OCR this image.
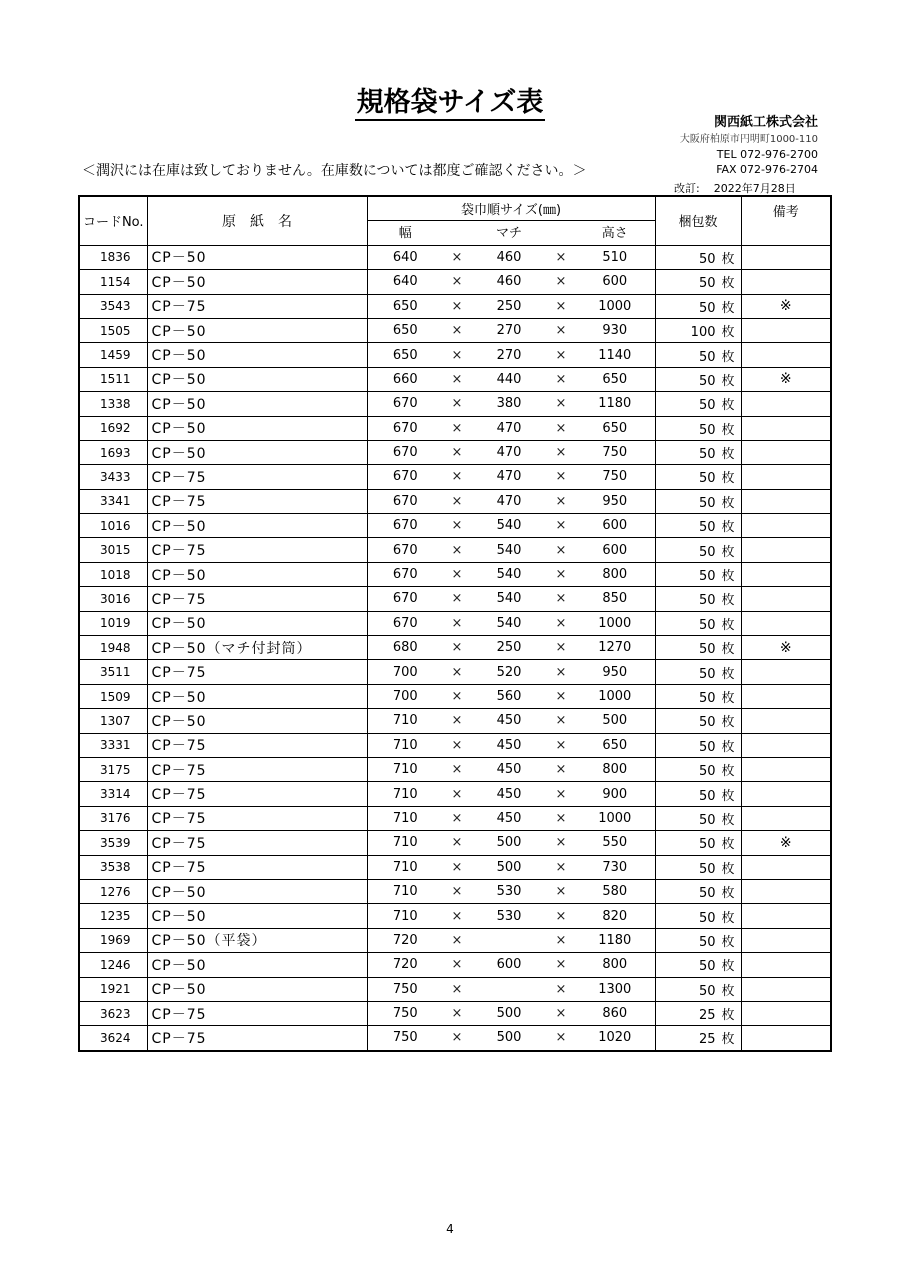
規格袋サイズ表
関西紙工株式会社
大阪府柏原市円明町1000-110
TEL 072-976-2700
FAX 072-976-2704
＜潤沢には在庫は致しておりません。在庫数については都度ご確認ください。＞
改訂: 2022年7月28日
コードNo.	原　紙　名	袋巾順サイズ(㎜)					梱包数	備考
		幅		マチ		高さ		
1836	CP－50	640	×	460	×	510	50 枚	
1154	CP－50	640	×	460	×	600	50 枚	
3543	CP－75	650	×	250	×	1000	50 枚	※
1505	CP－50	650	×	270	×	930	100 枚	
1459	CP－50	650	×	270	×	1140	50 枚	
1511	CP－50	660	×	440	×	650	50 枚	※
1338	CP－50	670	×	380	×	1180	50 枚	
1692	CP－50	670	×	470	×	650	50 枚	
1693	CP－50	670	×	470	×	750	50 枚	
3433	CP－75	670	×	470	×	750	50 枚	
3341	CP－75	670	×	470	×	950	50 枚	
1016	CP－50	670	×	540	×	600	50 枚	
3015	CP－75	670	×	540	×	600	50 枚	
1018	CP－50	670	×	540	×	800	50 枚	
3016	CP－75	670	×	540	×	850	50 枚	
1019	CP－50	670	×	540	×	1000	50 枚	
1948	CP－50（マチ付封筒）	680	×	250	×	1270	50 枚	※
3511	CP－75	700	×	520	×	950	50 枚	
1509	CP－50	700	×	560	×	1000	50 枚	
1307	CP－50	710	×	450	×	500	50 枚	
3331	CP－75	710	×	450	×	650	50 枚	
3175	CP－75	710	×	450	×	800	50 枚	
3314	CP－75	710	×	450	×	900	50 枚	
3176	CP－75	710	×	450	×	1000	50 枚	
3539	CP－75	710	×	500	×	550	50 枚	※
3538	CP－75	710	×	500	×	730	50 枚	
1276	CP－50	710	×	530	×	580	50 枚	
1235	CP－50	710	×	530	×	820	50 枚	
1969	CP－50（平袋）	720	×		×	1180	50 枚	
1246	CP－50	720	×	600	×	800	50 枚	
1921	CP－50	750	×		×	1300	50 枚	
3623	CP－75	750	×	500	×	860	25 枚	
3624	CP－75	750	×	500	×	1020	25 枚	
4
